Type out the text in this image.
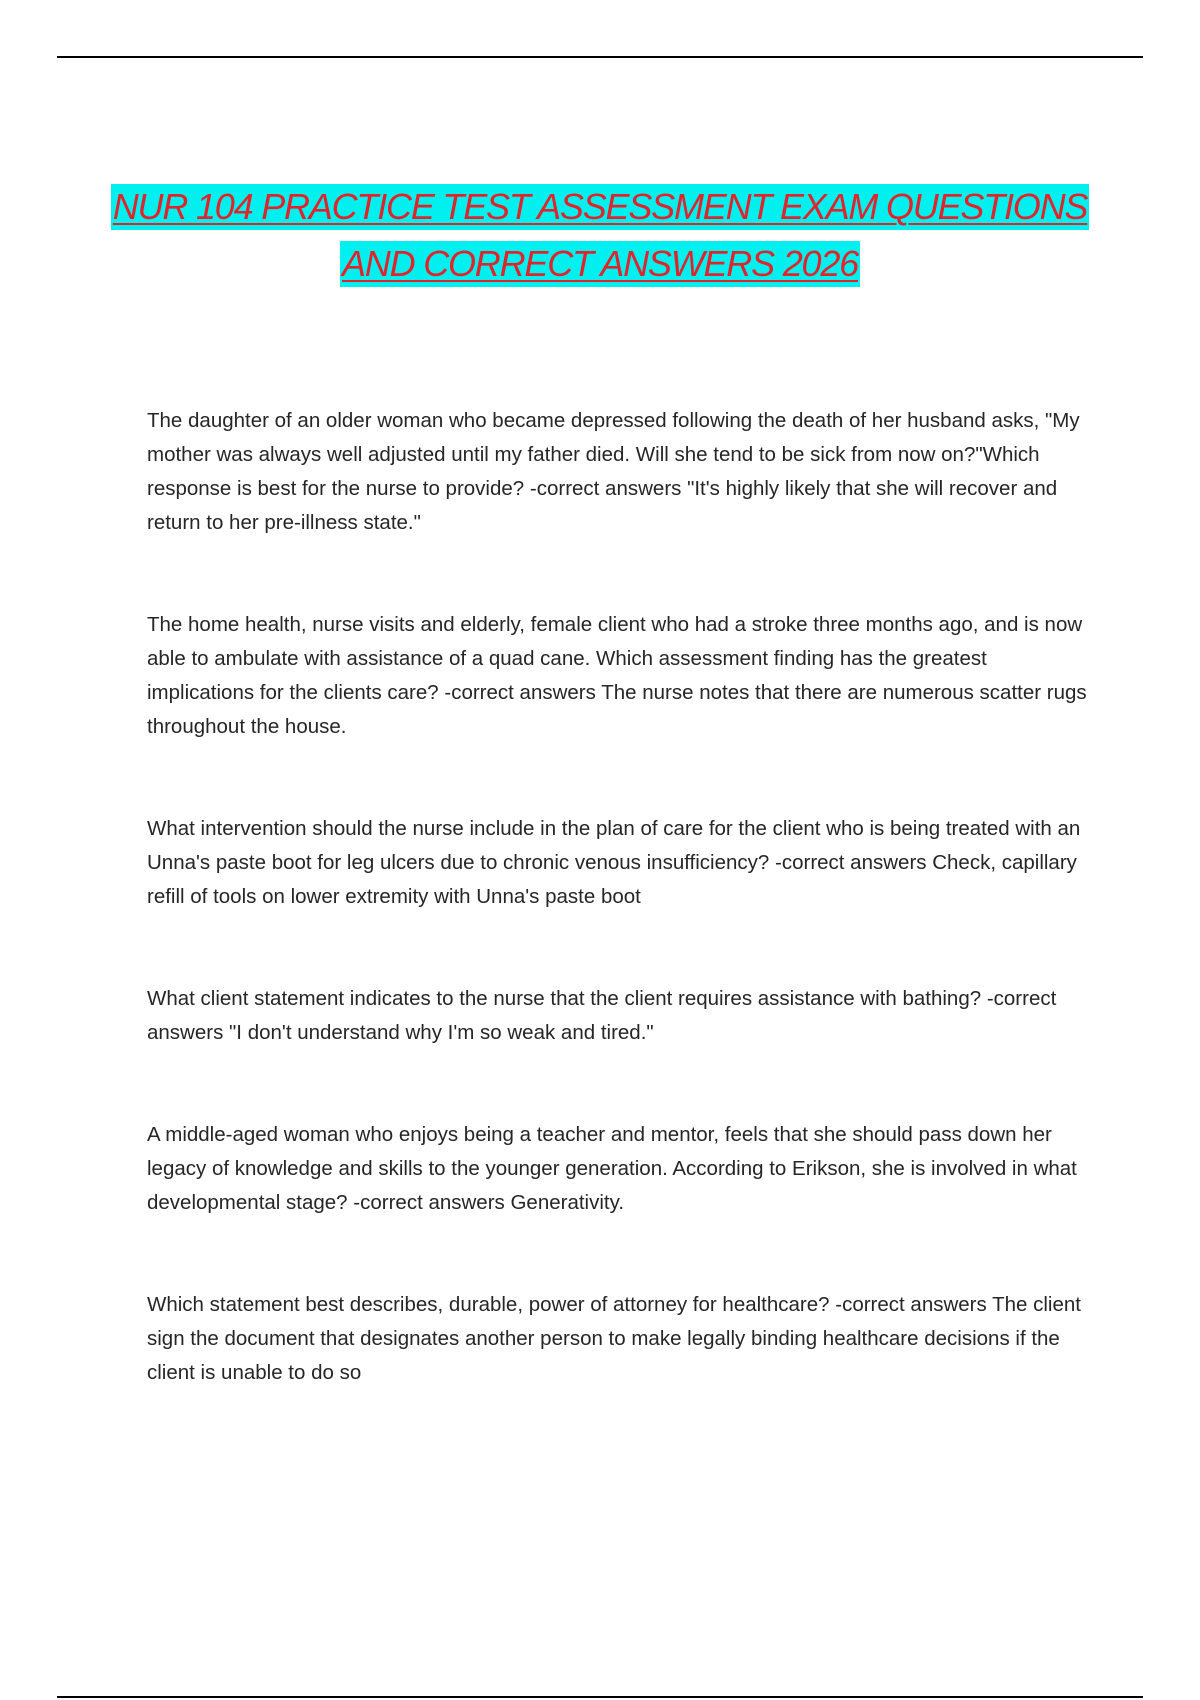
NUR 104 PRACTICE TEST ASSESSMENT EXAM QUESTIONS
AND CORRECT ANSWERS 2026

The daughter of an older woman who became depressed following the death of her husband asks, "My mother was always well adjusted until my father died. Will she tend to be sick from now on?"Which response is best for the nurse to provide? -correct answers "It's highly likely that she will recover and return to her pre-illness state."

The home health, nurse visits and elderly, female client who had a stroke three months ago, and is now able to ambulate with assistance of a quad cane. Which assessment finding has the greatest implications for the clients care? -correct answers The nurse notes that there are numerous scatter rugs throughout the house.

What intervention should the nurse include in the plan of care for the client who is being treated with an Unna's paste boot for leg ulcers due to chronic venous insufficiency? -correct answers Check, capillary refill of tools on lower extremity with Unna's paste boot

What client statement indicates to the nurse that the client requires assistance with bathing? -correct answers "I don't understand why I'm so weak and tired."

A middle-aged woman who enjoys being a teacher and mentor, feels that she should pass down her legacy of knowledge and skills to the younger generation. According to Erikson, she is involved in what developmental stage? -correct answers Generativity.

Which statement best describes, durable, power of attorney for healthcare? -correct answers The client sign the document that designates another person to make legally binding healthcare decisions if the client is unable to do so
